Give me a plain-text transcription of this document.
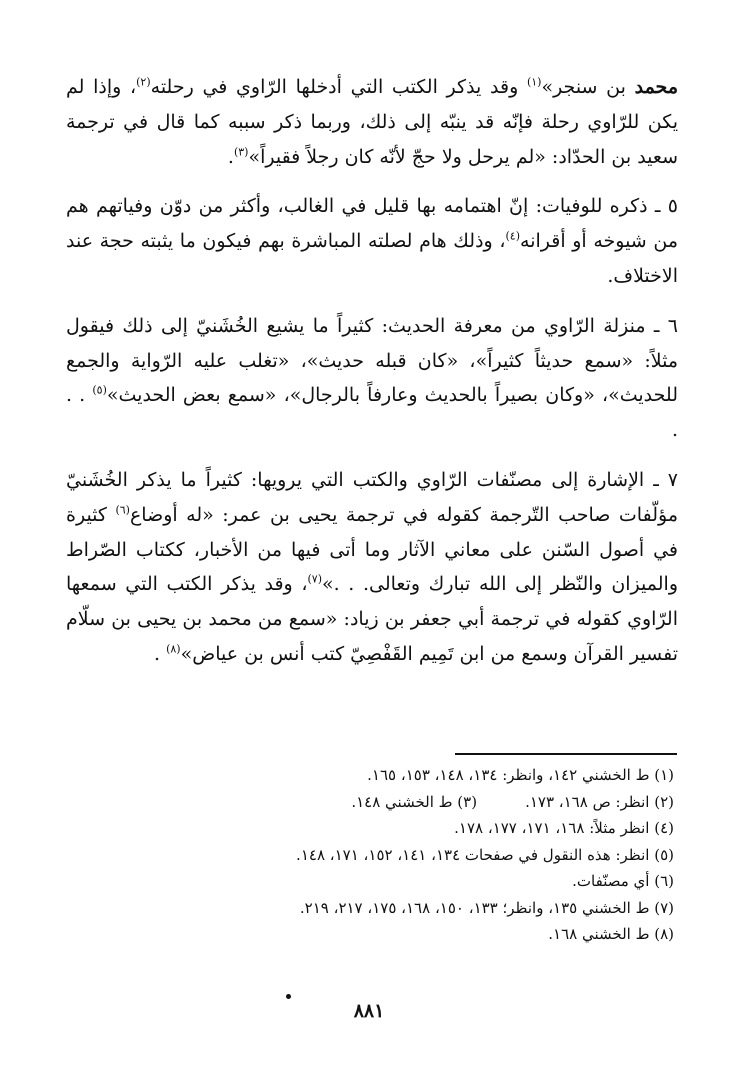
محمد بن سنجر»$^{(١)}$ وقد يذكر الكتب التي أدخلها الرّاوي في رحلته$^{(٢)}$، وإذا لم يكن للرّاوي رحلة فإنّه قد ينبّه إلى ذلك، وربما ذكر سببه كما قال في ترجمة سعيد بن الحدّاد: «لم يرحل ولا حجّ لأنّه كان رجلاً فقيراً»$^{(٣)}$.

٥ ـ ذكره للوفيات: إنّ اهتمامه بها قليل في الغالب، وأكثر من دوّن وفياتهم هم من شيوخه أو أقرانه$^{(٤)}$، وذلك هام لصلته المباشرة بهم فيكون ما يثبته حجة عند الاختلاف.

٦ ـ منزلة الرّاوي من معرفة الحديث: كثيراً ما يشيع الخُشَنيّ إلى ذلك فيقول مثلاً: «سمع حديثاً كثيراً»، «كان قبله حديث»، «تغلب عليه الرّواية والجمع للحديث»، «وكان بصيراً بالحديث وعارفاً بالرجال»، «سمع بعض الحديث»$^{(٥)}$ . . .

٧ ـ الإشارة إلى مصنّفات الرّاوي والكتب التي يرويها: كثيراً ما يذكر الخُشَنيّ مؤلّفات صاحب التّرجمة كقوله في ترجمة يحيى بن عمر: «له أوضاع$^{(٦)}$ كثيرة في أصول السّنن على معاني الآثار وما أتى فيها من الأخبار، ككتاب الصّراط والميزان والنّظر إلى الله تبارك وتعالى. . .»$^{(٧)}$، وقد يذكر الكتب التي سمعها الرّاوي كقوله في ترجمة أبي جعفر بن زياد: «سمع من محمد بن يحيى بن سلّام تفسير القرآن وسمع من ابن تَمِيم القَفْصِيّ كتب أنس بن عياض»$^{(٨)}$ .

(١) ط الخشني ١٤٢، وانظر: ١٣٤، ١٤٨، ١٥٣، ١٦٥.
(٢) انظر: ص ١٦٨، ١٧٣.(٣) ط الخشني ١٤٨.
(٤) انظر مثلاً: ١٦٨، ١٧١، ١٧٧، ١٧٨.
(٥) انظر: هذه النقول في صفحات ١٣٤، ١٤١، ١٥٢، ١٧١، ١٤٨.
(٦) أي مصنّفات.
(٧) ط الخشني ١٣٥، وانظر؛ ١٣٣، ١٥٠، ١٦٨، ١٧٥، ٢١٧، ٢١٩.
(٨) ط الخشني ١٦٨.
٨٨١
